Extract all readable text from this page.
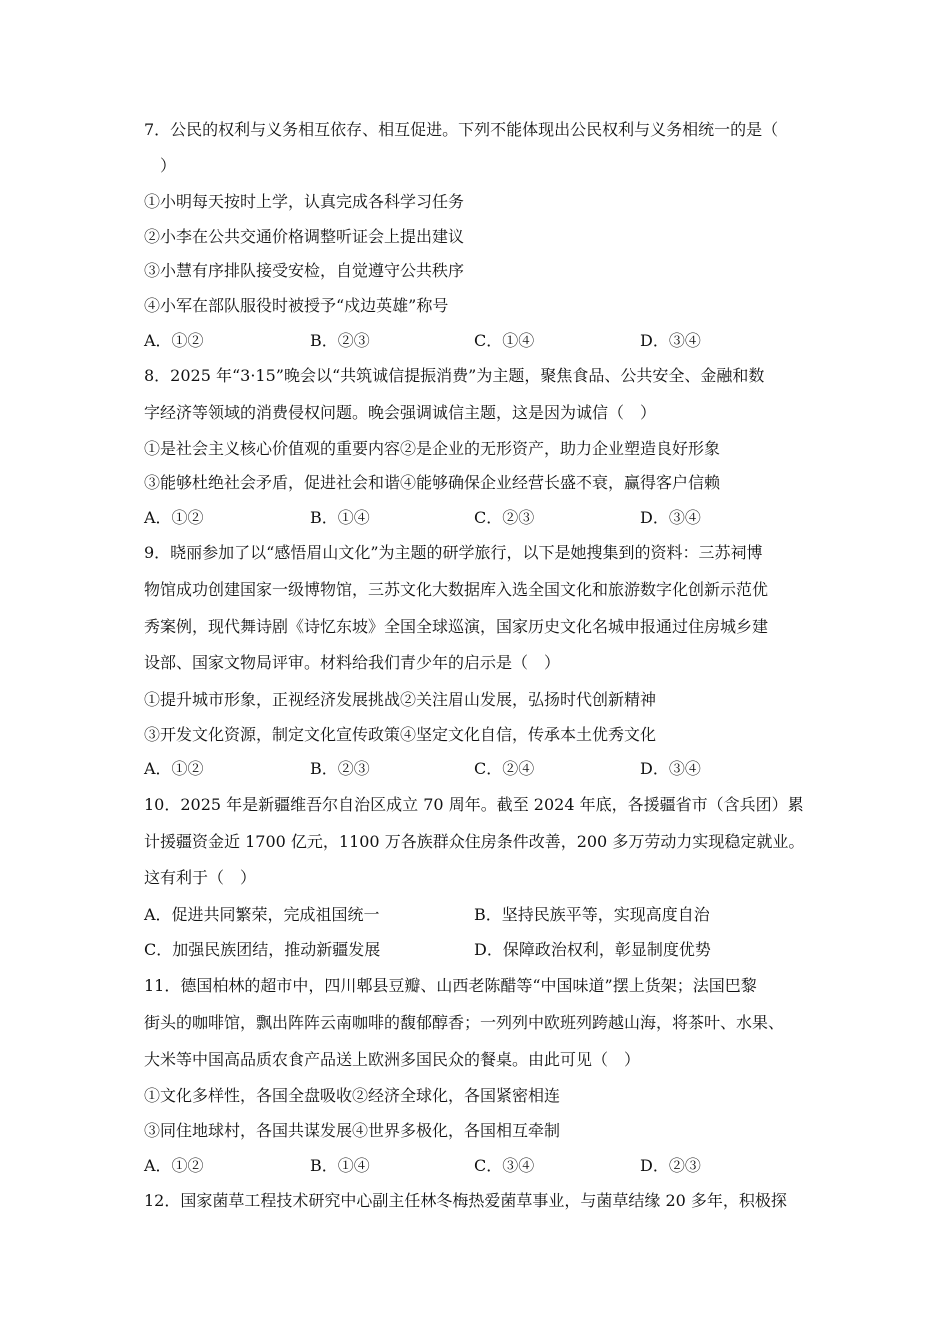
7．公民的权利与义务相互依存、相互促进。下列不能体现出公民权利与义务相统一的是（
　）
①小明每天按时上学，认真完成各科学习任务
②小李在公共交通价格调整听证会上提出建议
③小慧有序排队接受安检，自觉遵守公共秩序
④小军在部队服役时被授予“戍边英雄”称号
A．①②	B．②③	C．①④	D．③④
8．2025 年“3·15”晚会以“共筑诚信提振消费”为主题，聚焦食品、公共安全、金融和数
字经济等领域的消费侵权问题。晚会强调诚信主题，这是因为诚信（　）
①是社会主义核心价值观的重要内容②是企业的无形资产，助力企业塑造良好形象
③能够杜绝社会矛盾，促进社会和谐④能够确保企业经营长盛不衰，赢得客户信赖
A．①②	B．①④	C．②③	D．③④
9．晓丽参加了以“感悟眉山文化”为主题的研学旅行，以下是她搜集到的资料：三苏祠博
物馆成功创建国家一级博物馆，三苏文化大数据库入选全国文化和旅游数字化创新示范优
秀案例，现代舞诗剧《诗忆东坡》全国全球巡演，国家历史文化名城申报通过住房城乡建
设部、国家文物局评审。材料给我们青少年的启示是（　）
①提升城市形象，正视经济发展挑战②关注眉山发展，弘扬时代创新精神
③开发文化资源，制定文化宣传政策④坚定文化自信，传承本土优秀文化
A．①②	B．②③	C．②④	D．③④
10．2025 年是新疆维吾尔自治区成立 70 周年。截至 2024 年底，各援疆省市（含兵团）累
计援疆资金近 1700 亿元，1100 万各族群众住房条件改善，200 多万劳动力实现稳定就业。
这有利于（　）
A．促进共同繁荣，完成祖国统一	B．坚持民族平等，实现高度自治
C．加强民族团结，推动新疆发展	D．保障政治权利，彰显制度优势
11．德国柏林的超市中，四川郫县豆瓣、山西老陈醋等“中国味道”摆上货架；法国巴黎
街头的咖啡馆，飘出阵阵云南咖啡的馥郁醇香；一列列中欧班列跨越山海，将茶叶、水果、
大米等中国高品质农食产品送上欧洲多国民众的餐桌。由此可见（　）
①文化多样性，各国全盘吸收②经济全球化，各国紧密相连
③同住地球村，各国共谋发展④世界多极化，各国相互牵制
A．①②	B．①④	C．③④	D．②③
12．国家菌草工程技术研究中心副主任林冬梅热爱菌草事业，与菌草结缘 20 多年，积极探
